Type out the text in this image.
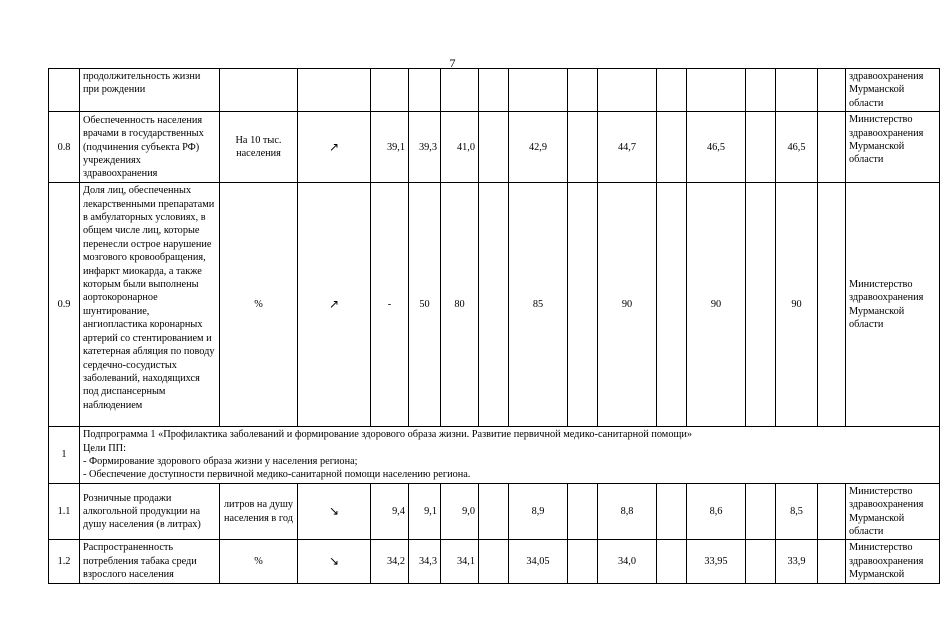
7
	продолжительность жизни при рождении															здравоохранения Мурманской области
0.8	Обеспеченность населения врачами в государственных (подчинения субъекта РФ) учреждениях здравоохранения	На 10 тыс. населения	↗	39,1	39,3	41,0		42,9		44,7		46,5		46,5		Министерство здравоохранения Мурманской области
0.9	Доля лиц, обеспеченных лекарственными препаратами в амбулаторных условиях, в общем числе лиц, которые перенесли острое нарушение мозгового кровообращения, инфаркт миокарда, а также которым были выполнены аортокоронарное шунтирование, ангиопластика коронарных артерий со стентированием и катетерная абляция по поводу сердечно-сосудистых заболеваний, находящихся под диспансерным наблюдением	%	↗	-	50	80		85		90		90		90		Министерство здравоохранения Мурманской области
1	Подпрограмма 1 «Профилактика заболеваний и формирование здорового образа жизни. Развитие первичной медико-санитарной помощи»
Цели ПП:
- Формирование здорового образа жизни у населения региона;
- Обеспечение доступности первичной медико-санитарной помощи населению региона.															

1.1	Розничные продажи алкогольной продукции на душу населения (в литрах)	литров на душу населения в год	↘	9,4	9,1	9,0		8,9		8,8		8,6		8,5		Министерство здравоохранения Мурманской области
1.2	Распространенность потребления табака среди взрослого населения	%	↘	34,2	34,3	34,1		34,05		34,0		33,95		33,9		Министерство здравоохранения Мурманской
